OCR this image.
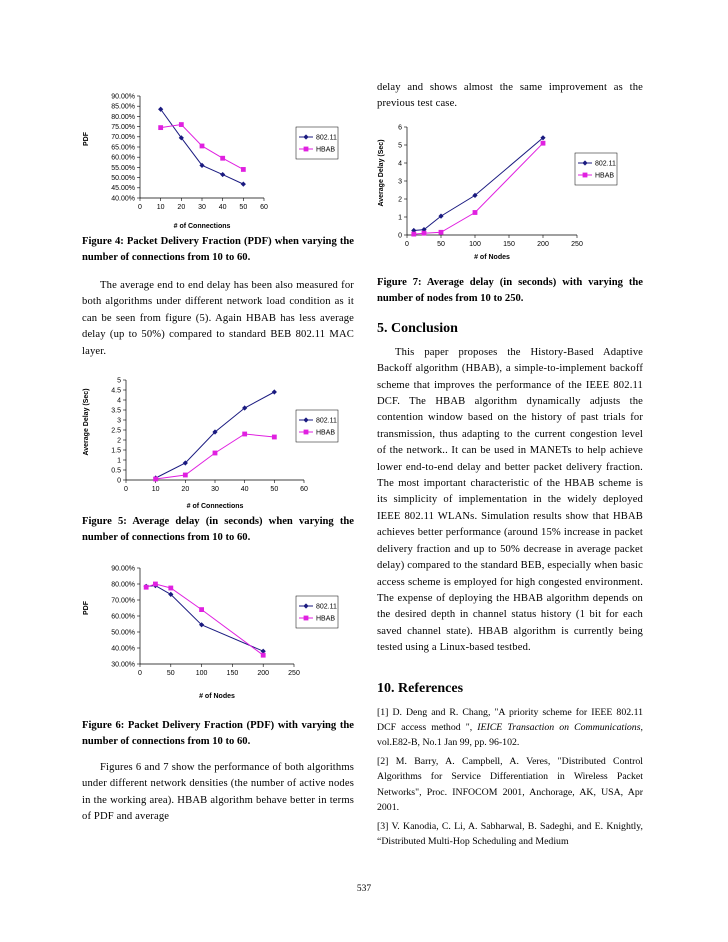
40.00%
45.00%
50.00%
55.00%
60.00%
65.00%
70.00%
75.00%
80.00%
85.00%
90.00%
0 10 20 30 40 50 60
# of Connections
PDF	802.11
HBAB

Figure 4: Packet Delivery Fraction (PDF) when varying the number of connections from 10 to 60.

The average end to end delay has been also measured for both algorithms under different network load condition as it can be seen from figure (5). Again HBAB has less average delay (up to 50%) compared to standard BEB 802.11 MAC layer.

0
0.5
1
1.5
2
2.5
3
3.5
4
4.5
5
0	10	20	30	40	50	60
# of Connections
Average Delay (Sec)	802.11
HBAB

Figure 5: Average delay (in seconds) when varying the number of connections from 10 to 60.

30.00%
40.00%
50.00%
60.00%
70.00%
80.00%
90.00%
0	50	100	150	200	250
# of Nodes
PDF	802.11
HBAB

Figure 6: Packet Delivery Fraction (PDF) with varying the number of connections from 10 to 60.

Figures 6 and 7 show the performance of both algorithms under different network densities (the number of active nodes in the working area). HBAB algorithm behave better in terms of PDF and average

delay and shows almost the same improvement as the previous test case.

0
1
2
3
4
5
6
0	50	100	150	200	250
# of Nodes
Average Delay (Sec)	802.11
HBAB

Figure 7: Average delay (in seconds) with varying the number of nodes from 10 to 250.

5. Conclusion

This paper proposes the History-Based Adaptive Backoff algorithm (HBAB), a simple-to-implement backoff scheme that improves the performance of the IEEE 802.11 DCF. The HBAB algorithm dynamically adjusts the contention window based on the history of past trials for transmission, thus adapting to the current congestion level of the network.. It can be used in MANETs to help achieve lower end-to-end delay and better packet delivery fraction. The most important characteristic of the HBAB scheme is its simplicity of implementation in the widely deployed IEEE 802.11 WLANs. Simulation results show that HBAB achieves better performance (around 15% increase in packet delivery fraction and up to 50% decrease in average packet delay) compared to the standard BEB, especially when basic access scheme is employed for high congested environment. The expense of deploying the HBAB algorithm depends on the desired depth in channel status history (1 bit for each saved channel state). HBAB algorithm is currently being tested using a Linux-based testbed.

10. References

[1] D. Deng and R. Chang, "A priority scheme for IEEE 802.11 DCF access method ", IEICE Transaction on Communications, vol.E82-B, No.1 Jan 99, pp. 96-102.

[2] M. Barry, A. Campbell, A. Veres, "Distributed Control Algorithms for Service Differentiation in Wireless Packet Networks", Proc. INFOCOM 2001, Anchorage, AK, USA, Apr 2001.

[3] V. Kanodia, C. Li, A. Sabharwal, B. Sadeghi, and E. Knightly, “Distributed Multi-Hop Scheduling and Medium

537
